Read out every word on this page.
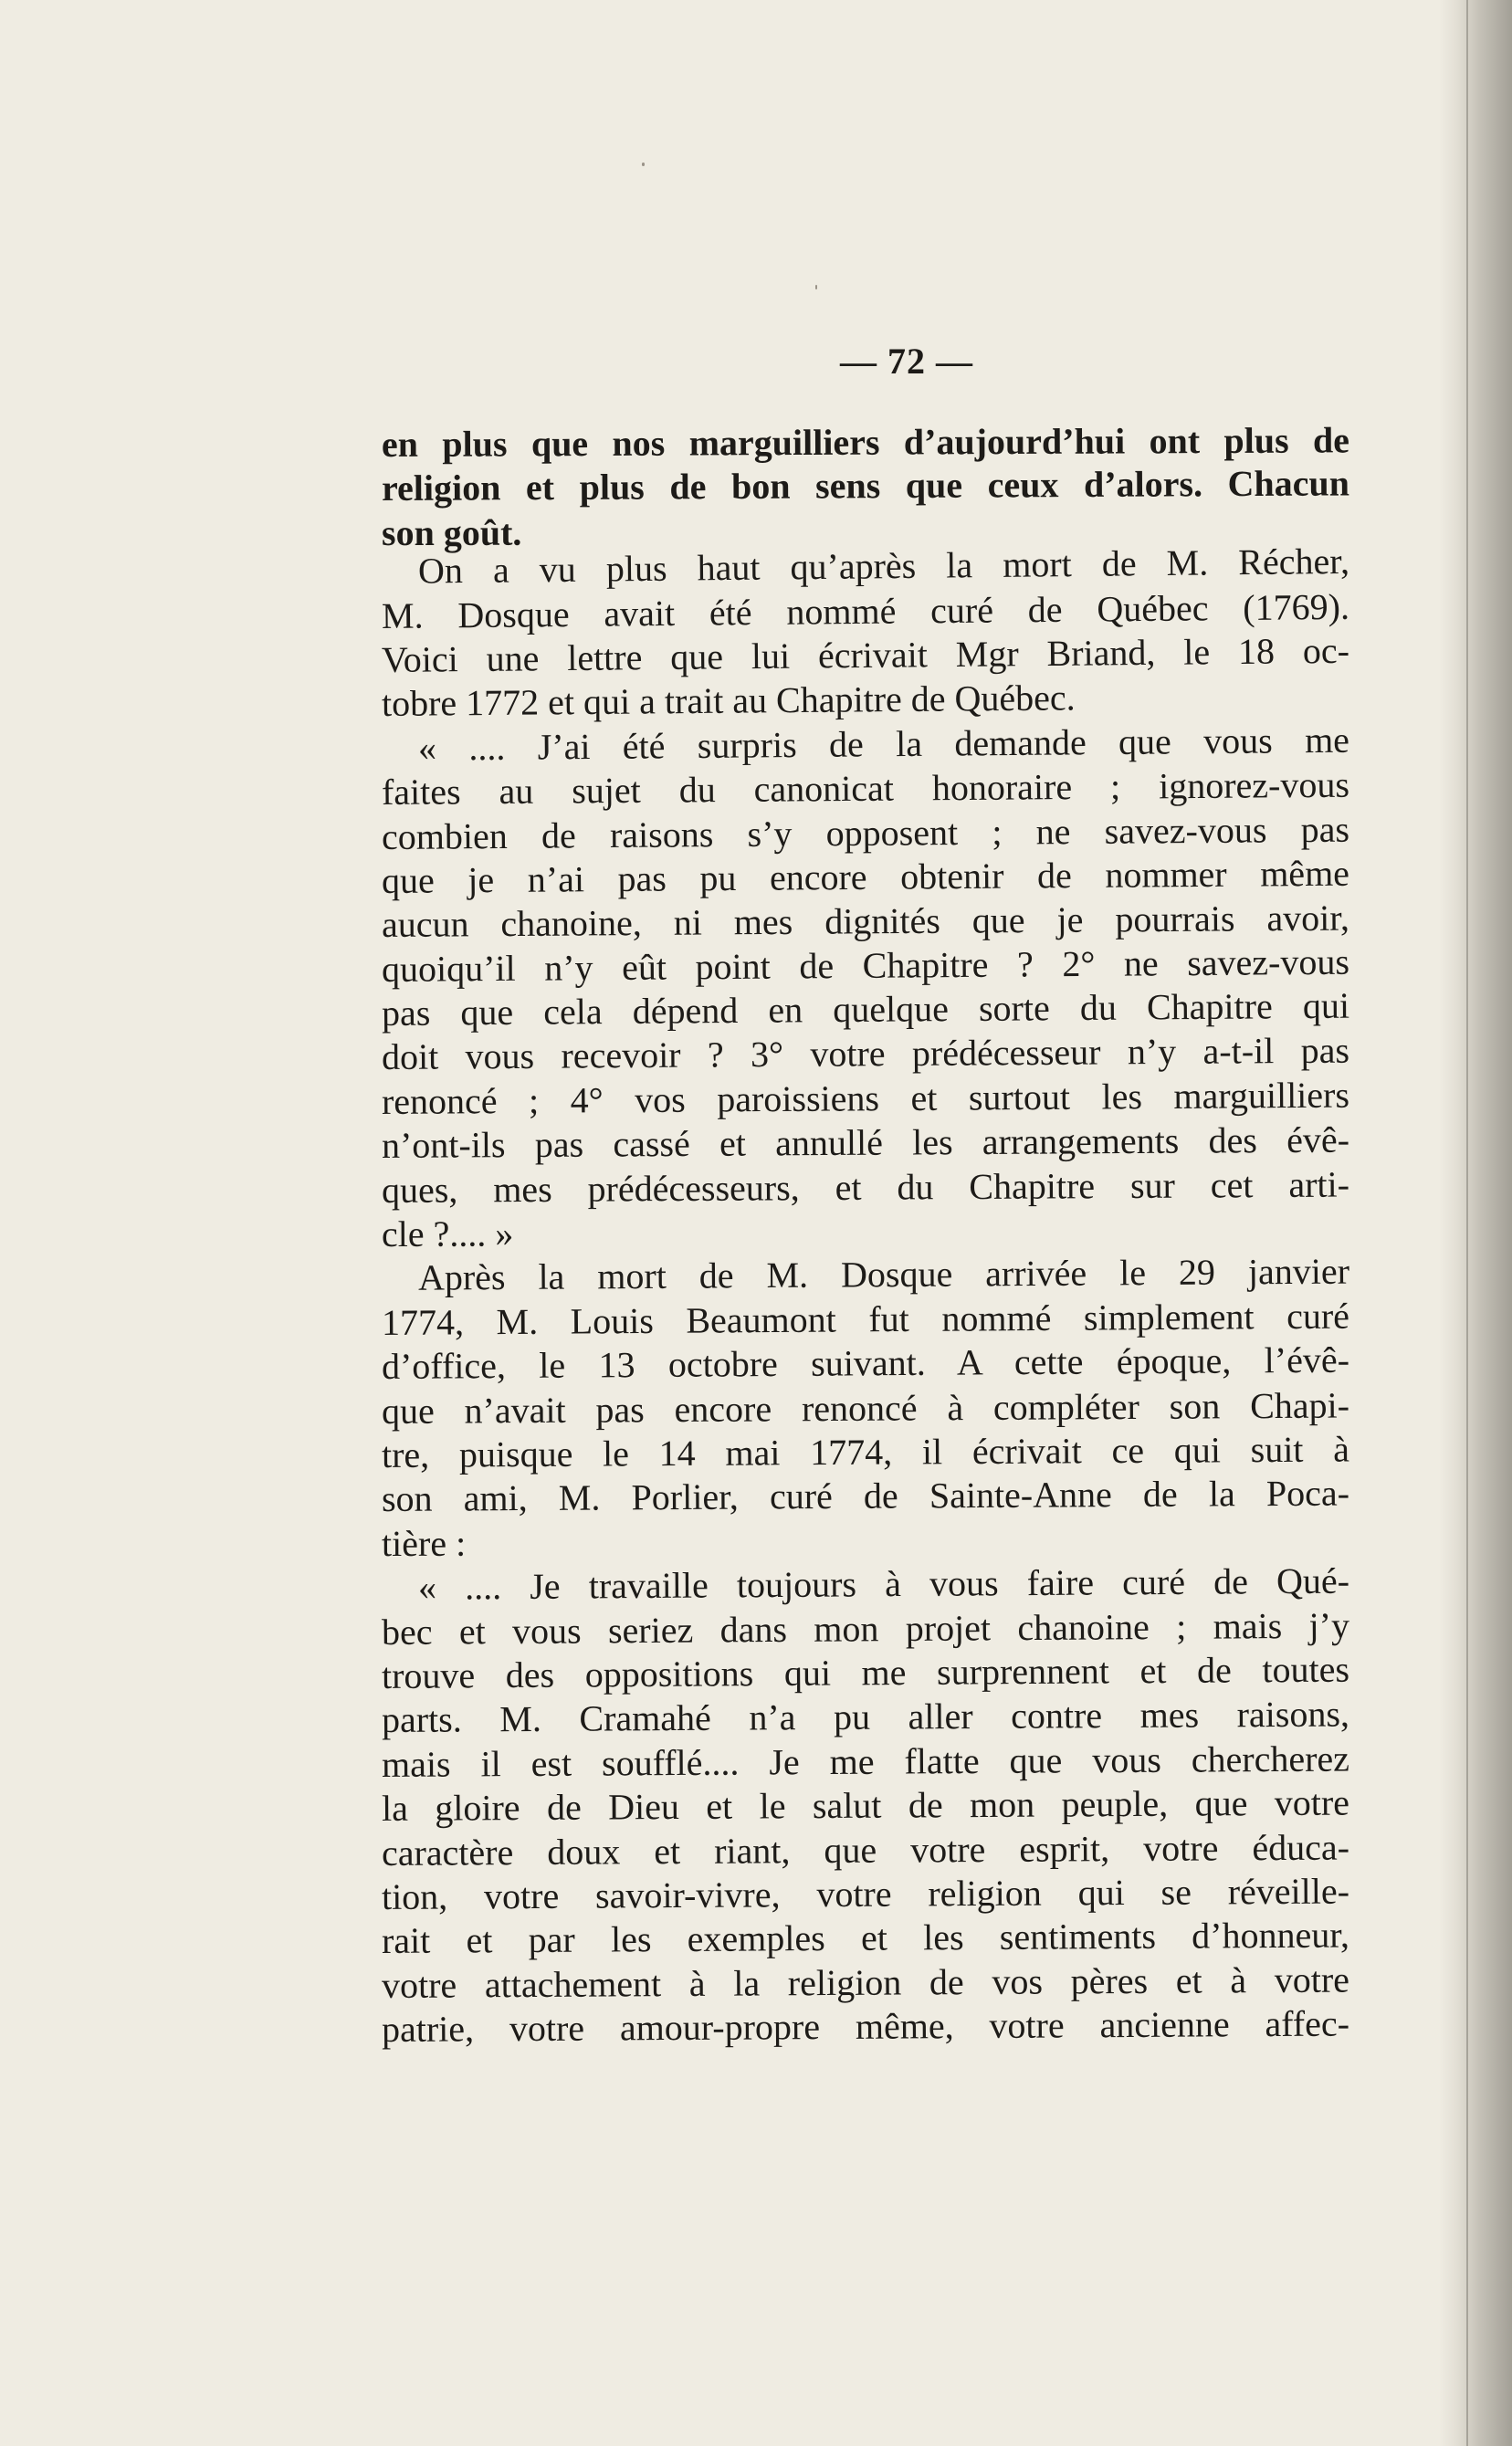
— 72 —
en plus que nos marguilliers d’aujourd’hui ont plus de
religion et plus de bon sens que ceux d’alors. Chacun
son goût.
On a vu plus haut qu’après la mort de M. Récher,
M. Dosque avait été nommé curé de Québec (1769).
Voici une lettre que lui écrivait Mgr Briand, le 18 oc-
tobre 1772 et qui a trait au Chapitre de Québec.
« .... J’ai été surpris de la demande que vous me
faites au sujet du canonicat honoraire ; ignorez-vous
combien de raisons s’y opposent ; ne savez-vous pas
que je n’ai pas pu encore obtenir de nommer même
aucun chanoine, ni mes dignités que je pourrais avoir,
quoiqu’il n’y eût point de Chapitre ? 2° ne savez-vous
pas que cela dépend en quelque sorte du Chapitre qui
doit vous recevoir ? 3° votre prédécesseur n’y a-t-il pas
renoncé ; 4° vos paroissiens et surtout les marguilliers
n’ont-ils pas cassé et annullé les arrangements des évê-
ques, mes prédécesseurs, et du Chapitre sur cet arti-
cle ?.... »
Après la mort de M. Dosque arrivée le 29 janvier
1774, M. Louis Beaumont fut nommé simplement curé
d’office, le 13 octobre suivant. A cette époque, l’évê-
que n’avait pas encore renoncé à compléter son Chapi-
tre, puisque le 14 mai 1774, il écrivait ce qui suit à
son ami, M. Porlier, curé de Sainte-Anne de la Poca-
tière :
« .... Je travaille toujours à vous faire curé de Qué-
bec et vous seriez dans mon projet chanoine ; mais j’y
trouve des oppositions qui me surprennent et de toutes
parts. M. Cramahé n’a pu aller contre mes raisons,
mais il est soufflé.... Je me flatte que vous chercherez
la gloire de Dieu et le salut de mon peuple, que votre
caractère doux et riant, que votre esprit, votre éduca-
tion, votre savoir-vivre, votre religion qui se réveille-
rait et par les exemples et les sentiments d’honneur,
votre attachement à la religion de vos pères et à votre
patrie, votre amour-propre même, votre ancienne affec-
